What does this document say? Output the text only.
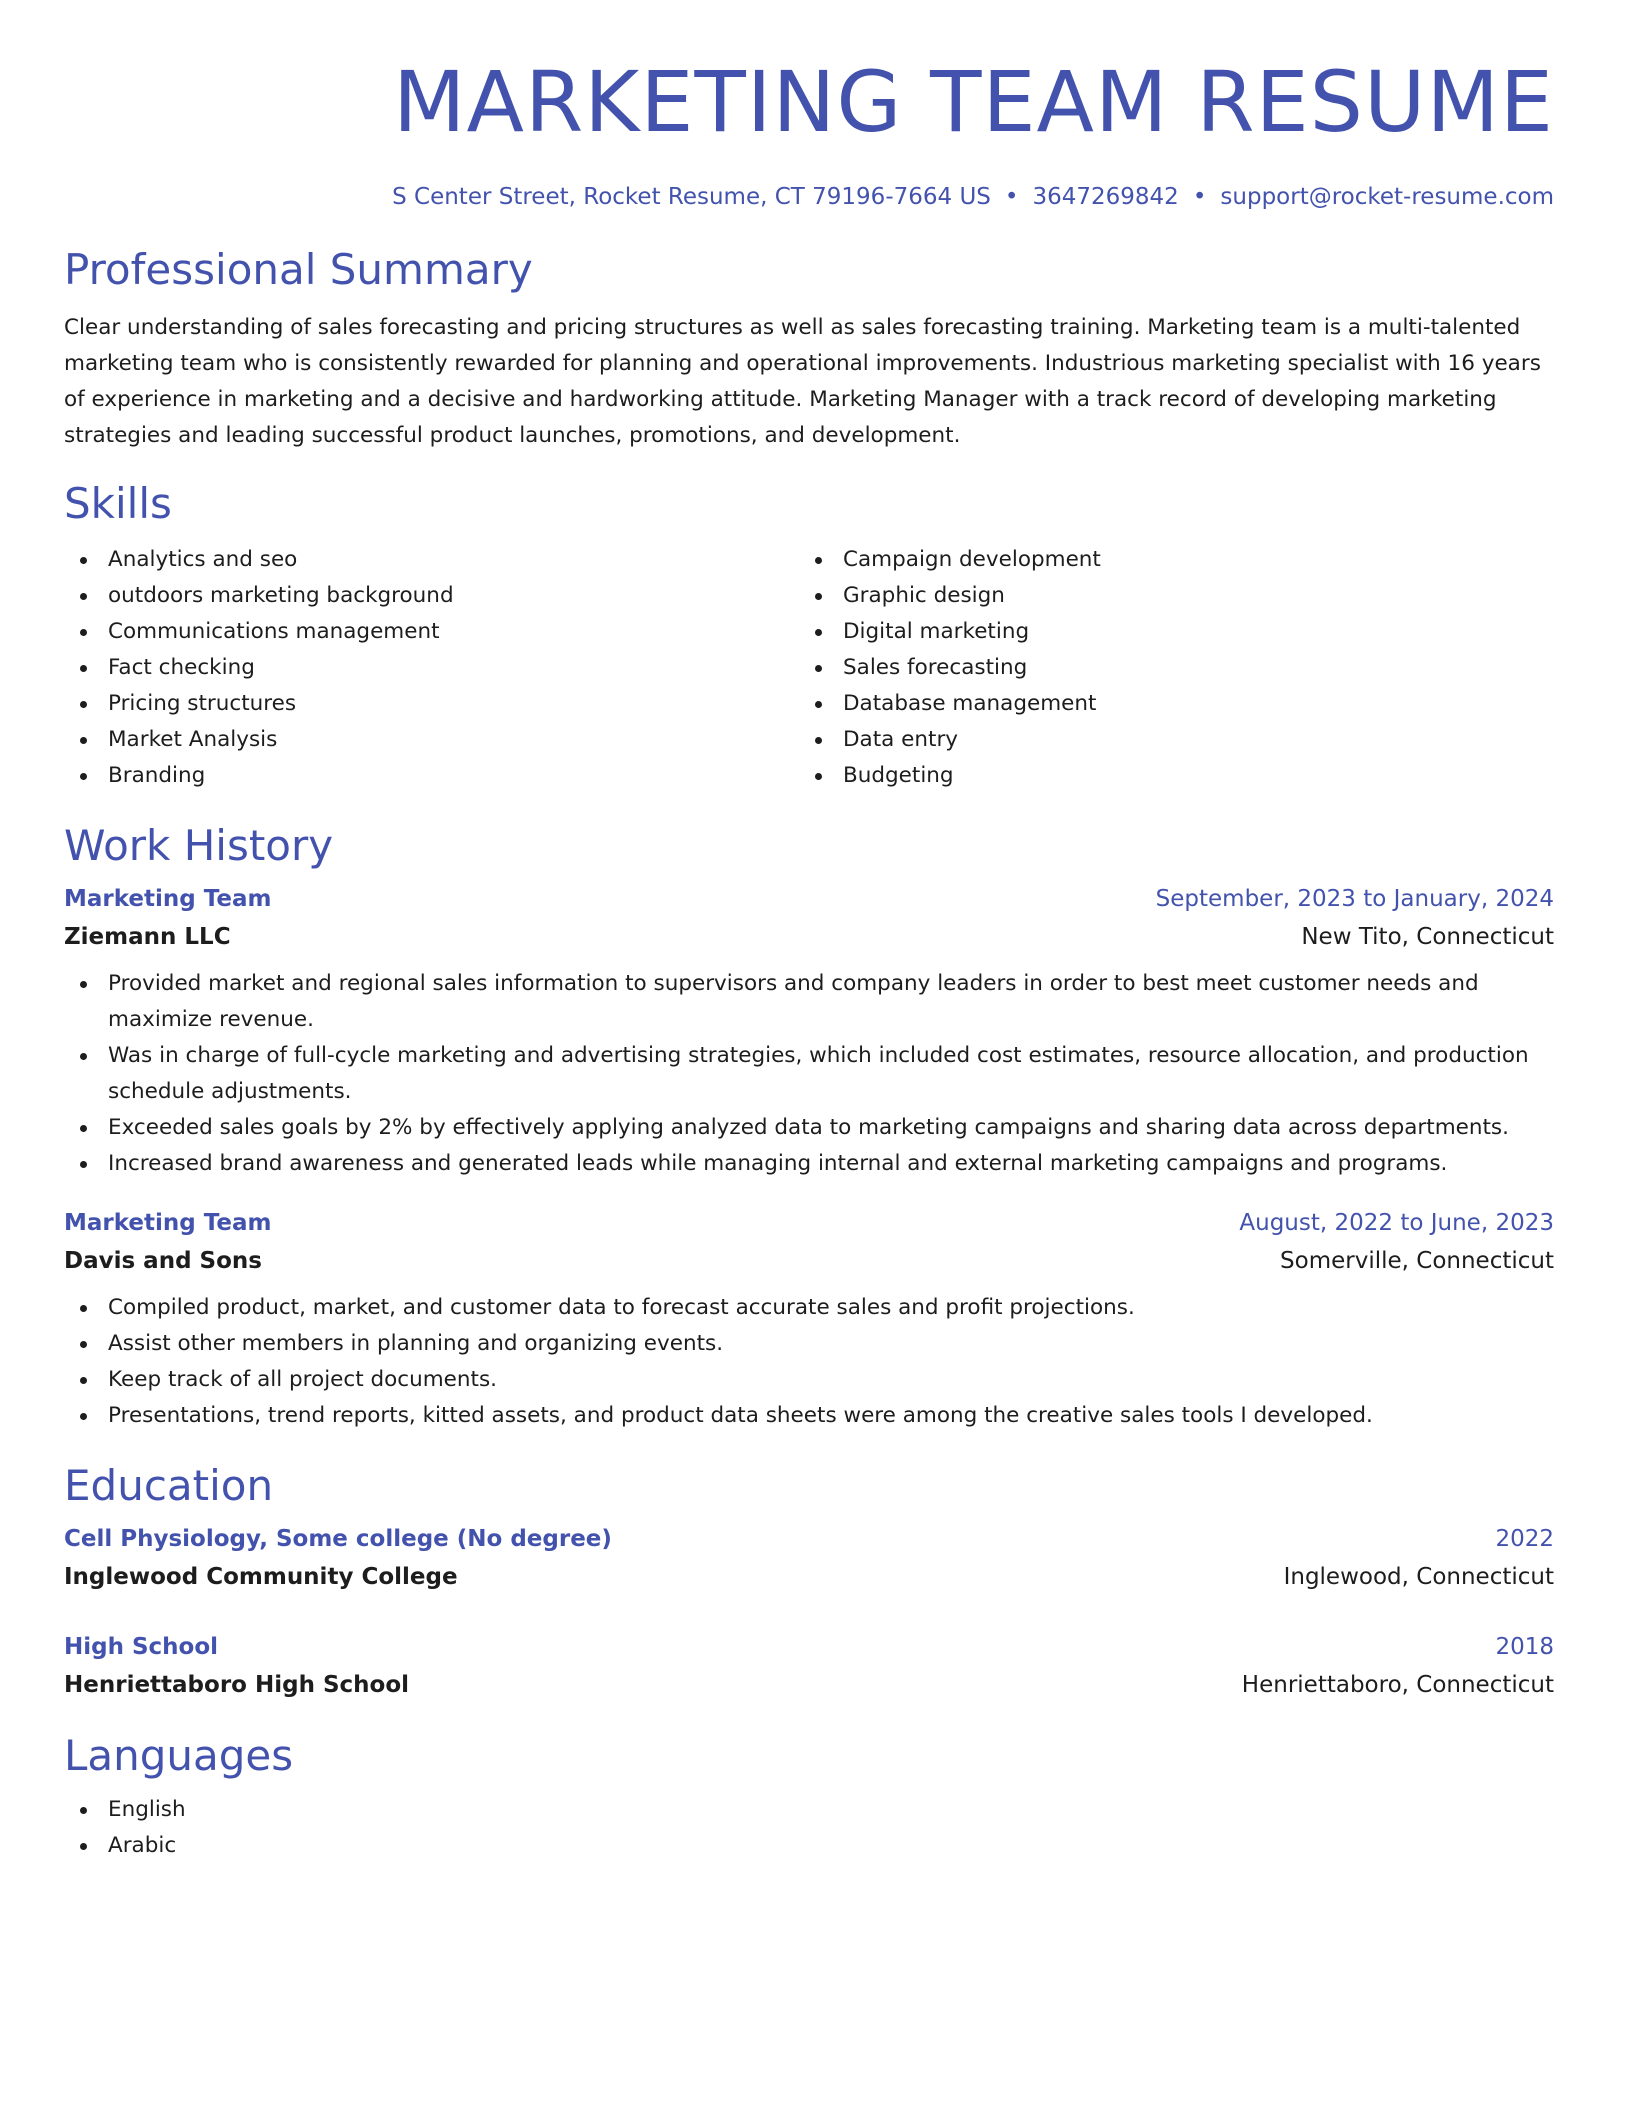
MARKETING TEAM RESUME
S Center Street, Rocket Resume, CT 79196-7664 US • 3647269842 • support@rocket-resume.com
Professional Summary

Clear understanding of sales forecasting and pricing structures as well as sales forecasting training. Marketing team is a multi-talented marketing team who is consistently rewarded for planning and operational improvements. Industrious marketing specialist with 16 years of experience in marketing and a decisive and hardworking attitude. Marketing Manager with a track record of developing marketing strategies and leading successful product launches, promotions, and development.

Skills
Analytics and seo
outdoors marketing background
Communications management
Fact checking
Pricing structures
Market Analysis
Branding
Campaign development
Graphic design
Digital marketing
Sales forecasting
Database management
Data entry
Budgeting
Work History
Marketing Team	September, 2023 to January, 2024
Ziemann LLC	New Tito, Connecticut
Provided market and regional sales information to supervisors and company leaders in order to best meet customer needs and maximize revenue.
Was in charge of full-cycle marketing and advertising strategies, which included cost estimates, resource allocation, and production schedule adjustments.
Exceeded sales goals by 2% by effectively applying analyzed data to marketing campaigns and sharing data across departments.
Increased brand awareness and generated leads while managing internal and external marketing campaigns and programs.
Marketing Team	August, 2022 to June, 2023
Davis and Sons	Somerville, Connecticut
Compiled product, market, and customer data to forecast accurate sales and profit projections.
Assist other members in planning and organizing events.
Keep track of all project documents.
Presentations, trend reports, kitted assets, and product data sheets were among the creative sales tools I developed.
Education
Cell Physiology, Some college (No degree)	2022
Inglewood Community College	Inglewood, Connecticut
High School	2018
Henriettaboro High School	Henriettaboro, Connecticut
Languages
English
Arabic
